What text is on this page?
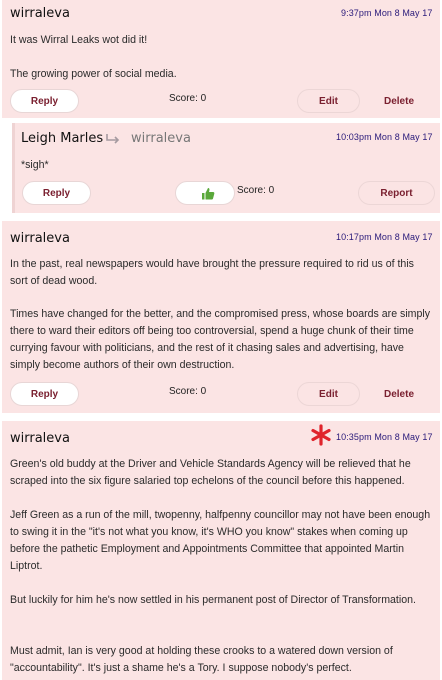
wirraleva	9:37pm Mon 8 May 17
It was Wirral Leaks wot did it!
The growing power of social media.
Reply	Score: 0	Edit	Delete
Leigh Marles wirraleva	10:03pm Mon 8 May 17
*sigh*
Reply	Score: 0	Report
wirraleva	10:17pm Mon 8 May 17
In the past, real newspapers would have brought the pressure required to rid us of this sort of dead wood.
Times have changed for the better, and the compromised press, whose boards are simply there to ward their editors off being too controversial, spend a huge chunk of their time currying favour with politicians, and the rest of it chasing sales and advertising, have simply become authors of their own destruction.
Reply	Score: 0	Edit	Delete
wirraleva	10:35pm Mon 8 May 17
Green's old buddy at the Driver and Vehicle Standards Agency will be relieved that he scraped into the six figure salaried top echelons of the council before this happened.
Jeff Green as a run of the mill, twopenny, halfpenny councillor may not have been enough to swing it in the "it's not what you know, it's WHO you know" stakes when coming up before the pathetic Employment and Appointments Committee that appointed Martin Liptrot.
But luckily for him he's now settled in his permanent post of Director of Transformation.
Must admit, Ian is very good at holding these crooks to a watered down version of "accountability". It's just a shame he's a Tory. I suppose nobody's perfect.
